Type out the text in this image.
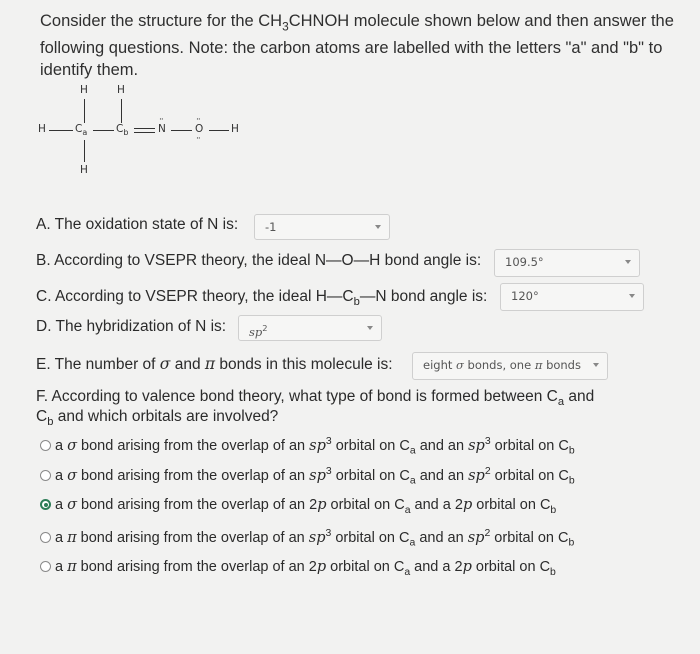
Consider the structure for the $CH_3CHNOH$ molecule shown below and then answer the following questions. Note: the carbon atoms are labelled with the letters "a" and "b" to identify them.
H	H
H	$C_a$	$C_b$
··
N
··
O
··
H
H
A. The oxidation state of N is:	-1
B. According to VSEPR theory, the ideal N—O—H bond angle is:	109.5°
C. According to VSEPR theory, the ideal $H—C_b—N$ bond angle is:	120°
D. The hybridization of N is:	$sp^2$
E. The number of σ and π bonds in this molecule is:	eight σ bonds, one π bonds
F. According to valence bond theory, what type of bond is formed between $C_a$ and
$C_b$ and which orbitals are involved?
a σ bond arising from the overlap of an $sp^3$ orbital on $C_a$ and an $sp^3$ orbital on $C_b$
a σ bond arising from the overlap of an $sp^3$ orbital on $C_a$ and an $sp^2$ orbital on $C_b$
a σ bond arising from the overlap of an 2p orbital on $C_a$ and a 2p orbital on $C_b$
a π bond arising from the overlap of an $sp^3$ orbital on $C_a$ and an $sp^2$ orbital on $C_b$
a π bond arising from the overlap of an 2p orbital on $C_a$ and a 2p orbital on $C_b$
